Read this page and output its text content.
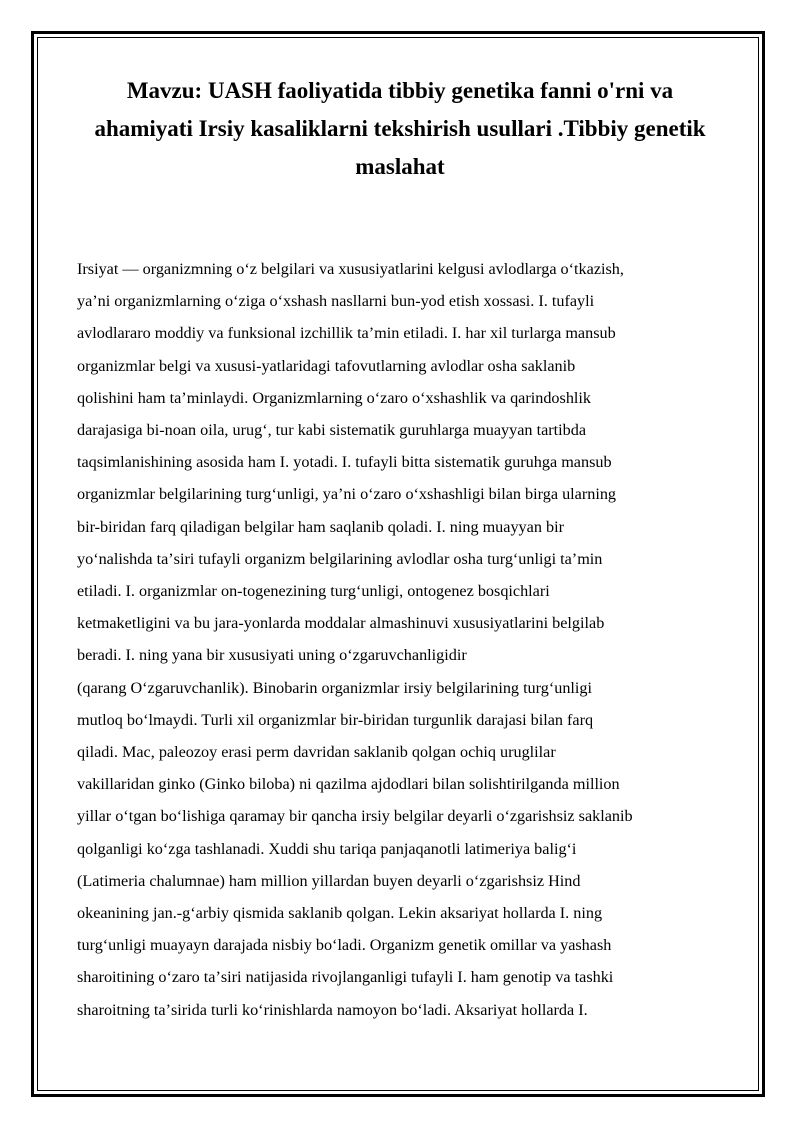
Mavzu: UASH faoliyatida tibbiy genetika fanni o'rni va
ahamiyati Irsiy kasaliklarni tekshirish usullari .Tibbiy genetik
maslahat
Irsiyat — organizmning oʻz belgilari va xususiyatlarini kelgusi avlodlarga oʻtkazish,
yaʼni organizmlarning oʻziga oʻxshash nasllarni bun-yod etish xossasi. I. tufayli
avlodlararo moddiy va funksional izchillik taʼmin etiladi. I. har xil turlarga mansub
organizmlar belgi va xususi-yatlaridagi tafovutlarning avlodlar osha saklanib
qolishini ham taʼminlaydi. Organizmlarning oʻzaro oʻxshashlik va qarindoshlik
darajasiga bi-noan oila, urugʻ, tur kabi sistematik guruhlarga muayyan tartibda
taqsimlanishining asosida ham I. yotadi. I. tufayli bitta sistematik guruhga mansub
organizmlar belgilarining turgʻunligi, yaʼni oʻzaro oʻxshashligi bilan birga ularning
bir-biridan farq qiladigan belgilar ham saqlanib qoladi. I. ning muayyan bir
yoʻnalishda taʼsiri tufayli organizm belgilarining avlodlar osha turgʻunligi taʼmin
etiladi. I. organizmlar on-togenezining turgʻunligi, ontogenez bosqichlari
ketmaketligini va bu jara-yonlarda moddalar almashinuvi xususiyatlarini belgilab
beradi. I. ning yana bir xususiyati uning oʻzgaruvchanligidir
(qarang Oʻzgaruvchanlik). Binobarin organizmlar irsiy belgilarining turgʻunligi
mutloq boʻlmaydi. Turli xil organizmlar bir-biridan turgunlik darajasi bilan farq
qiladi. Mac, paleozoy erasi perm davridan saklanib qolgan ochiq uruglilar
vakillaridan ginko (Ginko biloba) ni qazilma ajdodlari bilan solishtirilganda million
yillar oʻtgan boʻlishiga qaramay bir qancha irsiy belgilar deyarli oʻzgarishsiz saklanib
qolganligi koʻzga tashlanadi. Xuddi shu tariqa panjaqanotli latimeriya baligʻi
(Latimeria chalumnae) ham million yillardan buyen deyarli oʻzgarishsiz Hind
okeanining jan.-gʻarbiy qismida saklanib qolgan. Lekin aksariyat hollarda I. ning
turgʻunligi muayayn darajada nisbiy boʻladi. Organizm genetik omillar va yashash
sharoitining oʻzaro taʼsiri natijasida rivojlanganligi tufayli I. ham genotip va tashki
sharoitning taʼsirida turli koʻrinishlarda namoyon boʻladi. Aksariyat hollarda I.
